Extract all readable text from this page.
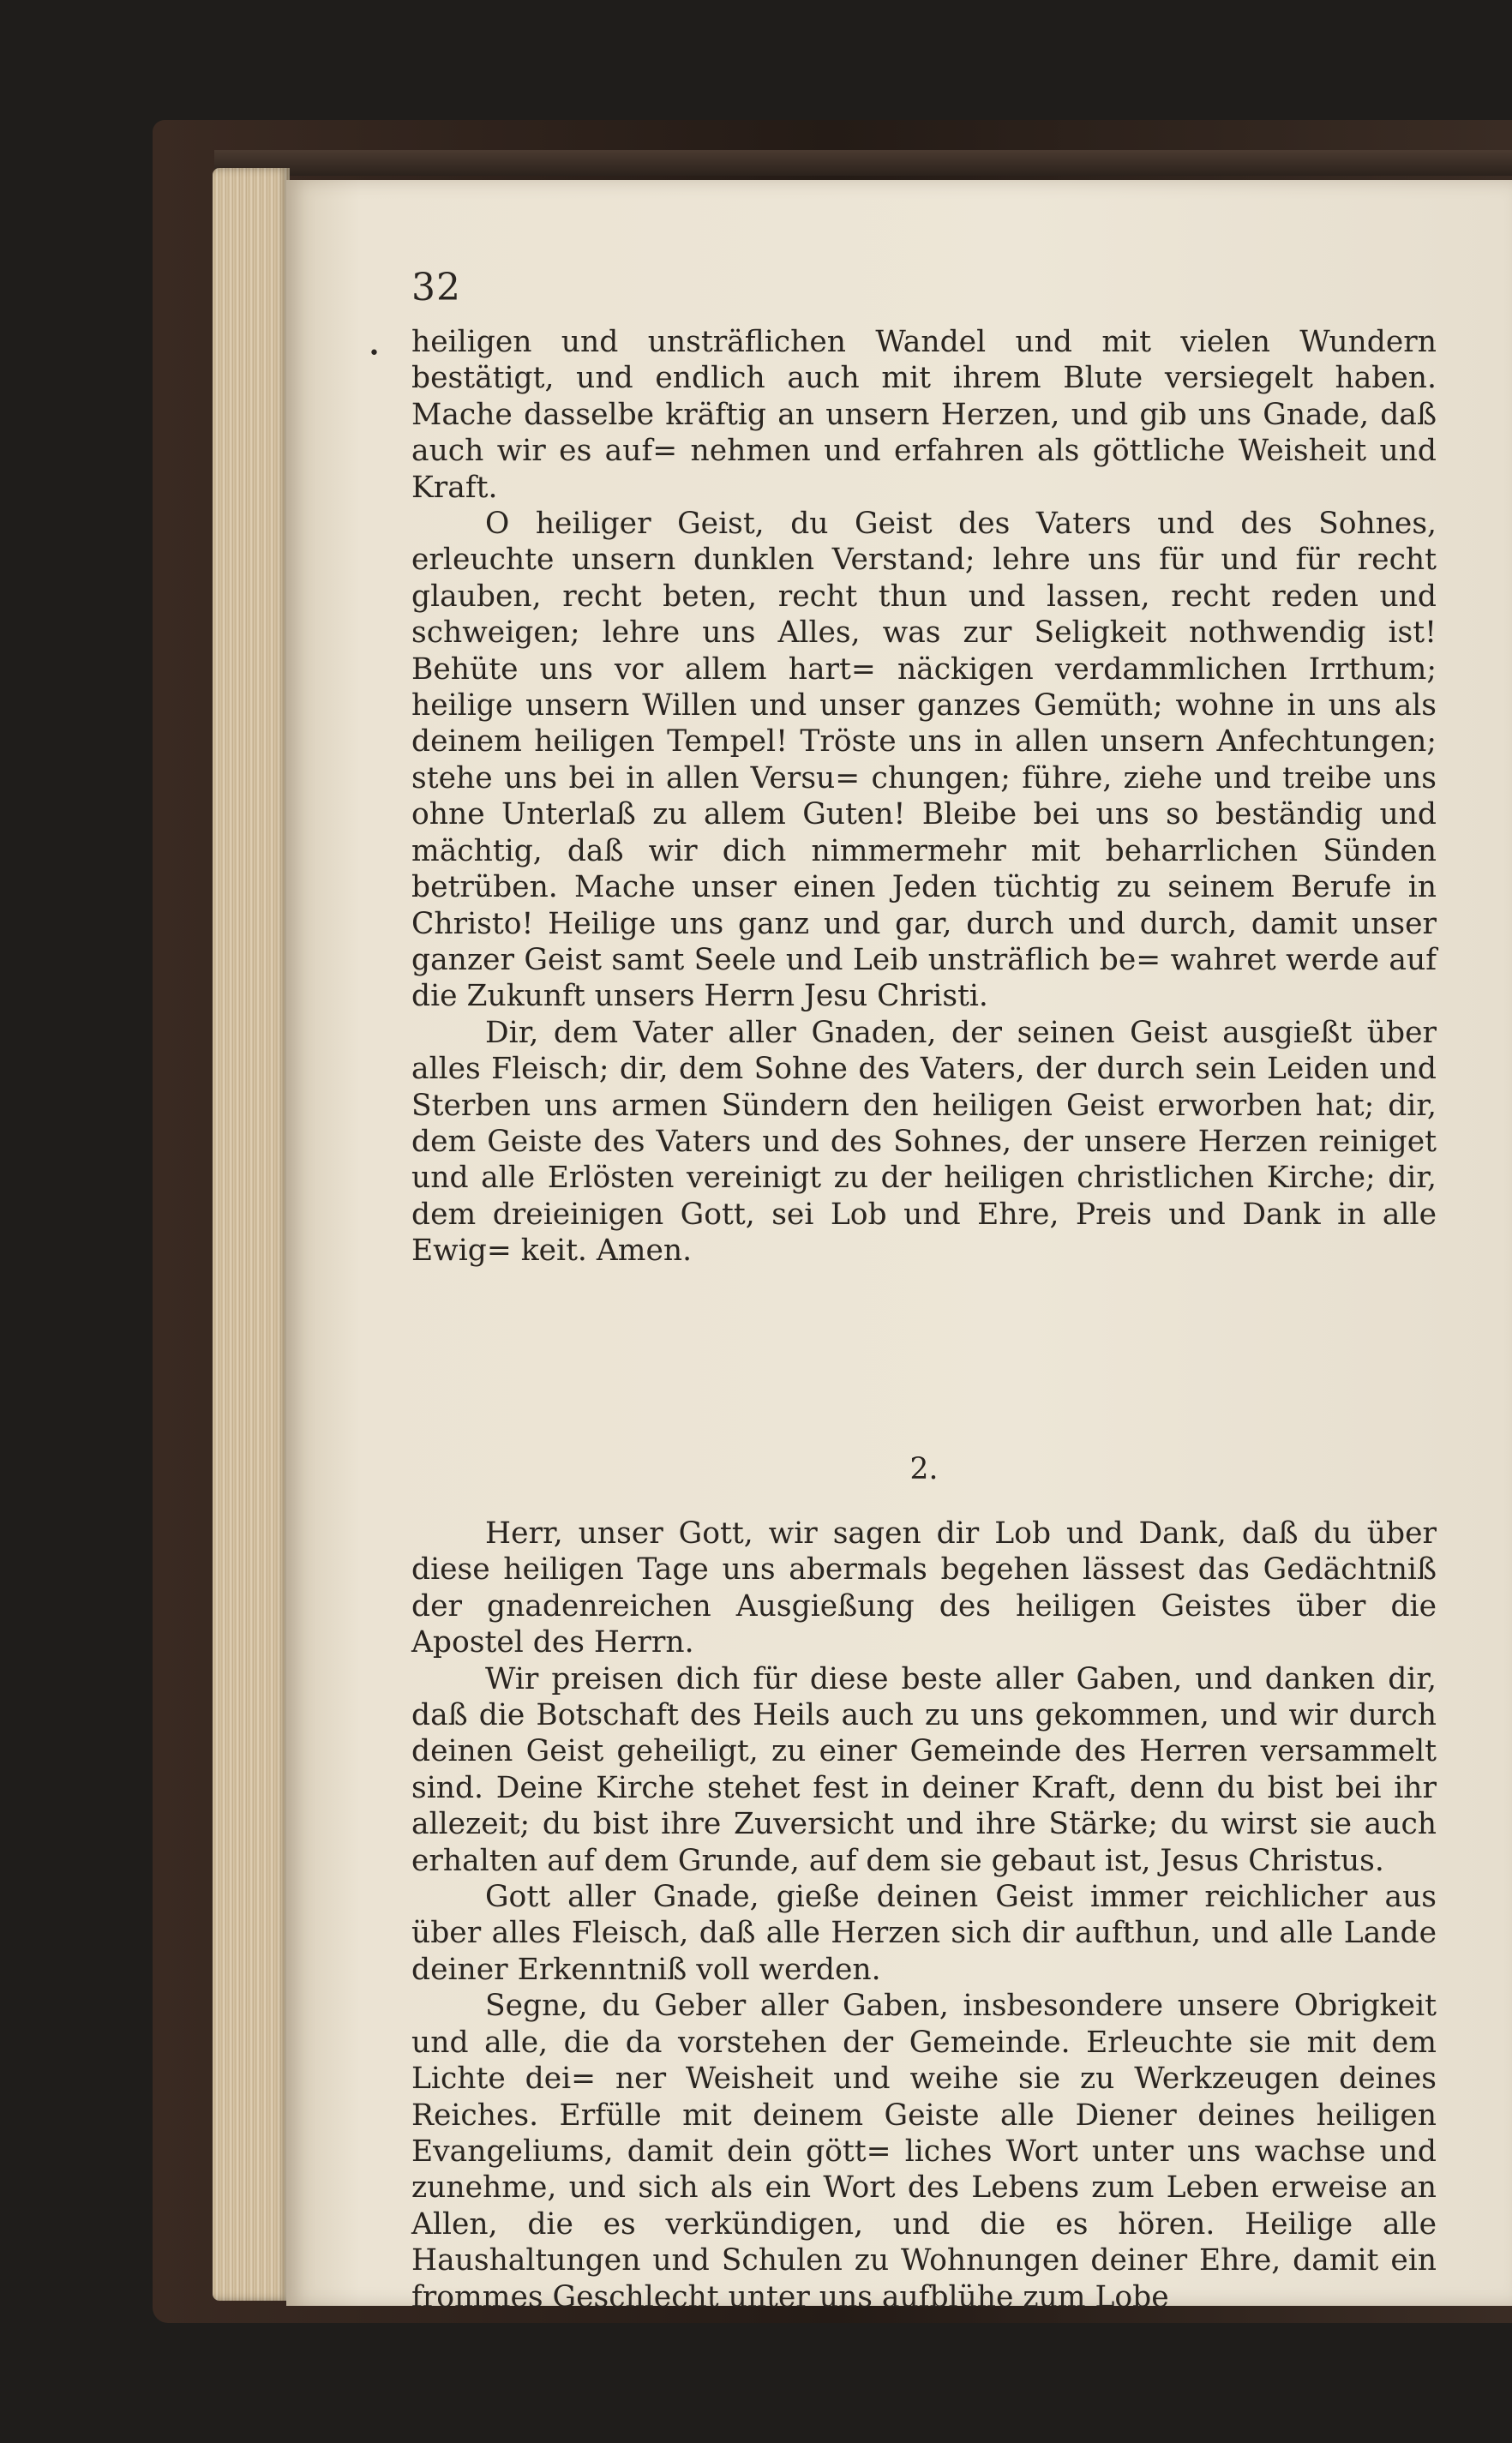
32
• heiligen und unsträflichen Wandel und mit vielen Wundern bestätigt, und endlich auch mit ihrem Blute versiegelt haben. Mache dasselbe kräftig an unsern Herzen, und gib uns Gnade, daß auch wir es auf= nehmen und erfahren als göttliche Weisheit und Kraft.

O heiliger Geist, du Geist des Vaters und des Sohnes, erleuchte unsern dunklen Verstand; lehre uns für und für recht glauben, recht beten, recht thun und lassen, recht reden und schweigen; lehre uns Alles, was zur Seligkeit nothwendig ist! Behüte uns vor allem hart= näckigen verdammlichen Irrthum; heilige unsern Willen und unser ganzes Gemüth; wohne in uns als deinem heiligen Tempel! Tröste uns in allen unsern Anfechtungen; stehe uns bei in allen Versu= chungen; führe, ziehe und treibe uns ohne Unterlaß zu allem Guten! Bleibe bei uns so beständig und mächtig, daß wir dich nimmermehr mit beharrlichen Sünden betrüben. Mache unser einen Jeden tüchtig zu seinem Berufe in Christo! Heilige uns ganz und gar, durch und durch, damit unser ganzer Geist samt Seele und Leib unsträflich be= wahret werde auf die Zukunft unsers Herrn Jesu Christi.

Dir, dem Vater aller Gnaden, der seinen Geist ausgießt über alles Fleisch; dir, dem Sohne des Vaters, der durch sein Leiden und Sterben uns armen Sündern den heiligen Geist erworben hat; dir, dem Geiste des Vaters und des Sohnes, der unsere Herzen reiniget und alle Erlösten vereinigt zu der heiligen christlichen Kirche; dir, dem dreieinigen Gott, sei Lob und Ehre, Preis und Dank in alle Ewig= keit. Amen.

2.

Herr, unser Gott, wir sagen dir Lob und Dank, daß du über diese heiligen Tage uns abermals begehen lässest das Gedächtniß der gnadenreichen Ausgießung des heiligen Geistes über die Apostel des Herrn.

Wir preisen dich für diese beste aller Gaben, und danken dir, daß die Botschaft des Heils auch zu uns gekommen, und wir durch deinen Geist geheiligt, zu einer Gemeinde des Herren versammelt sind. Deine Kirche stehet fest in deiner Kraft, denn du bist bei ihr allezeit; du bist ihre Zuversicht und ihre Stärke; du wirst sie auch erhalten auf dem Grunde, auf dem sie gebaut ist, Jesus Christus.

Gott aller Gnade, gieße deinen Geist immer reichlicher aus über alles Fleisch, daß alle Herzen sich dir aufthun, und alle Lande deiner Erkenntniß voll werden.

Segne, du Geber aller Gaben, insbesondere unsere Obrigkeit und alle, die da vorstehen der Gemeinde. Erleuchte sie mit dem Lichte dei= ner Weisheit und weihe sie zu Werkzeugen deines Reiches. Erfülle mit deinem Geiste alle Diener deines heiligen Evangeliums, damit dein gött= liches Wort unter uns wachse und zunehme, und sich als ein Wort des Lebens zum Leben erweise an Allen, die es verkündigen, und die es hören. Heilige alle Haushaltungen und Schulen zu Wohnungen deiner Ehre, damit ein frommes Geschlecht unter uns aufblühe zum Lobe
